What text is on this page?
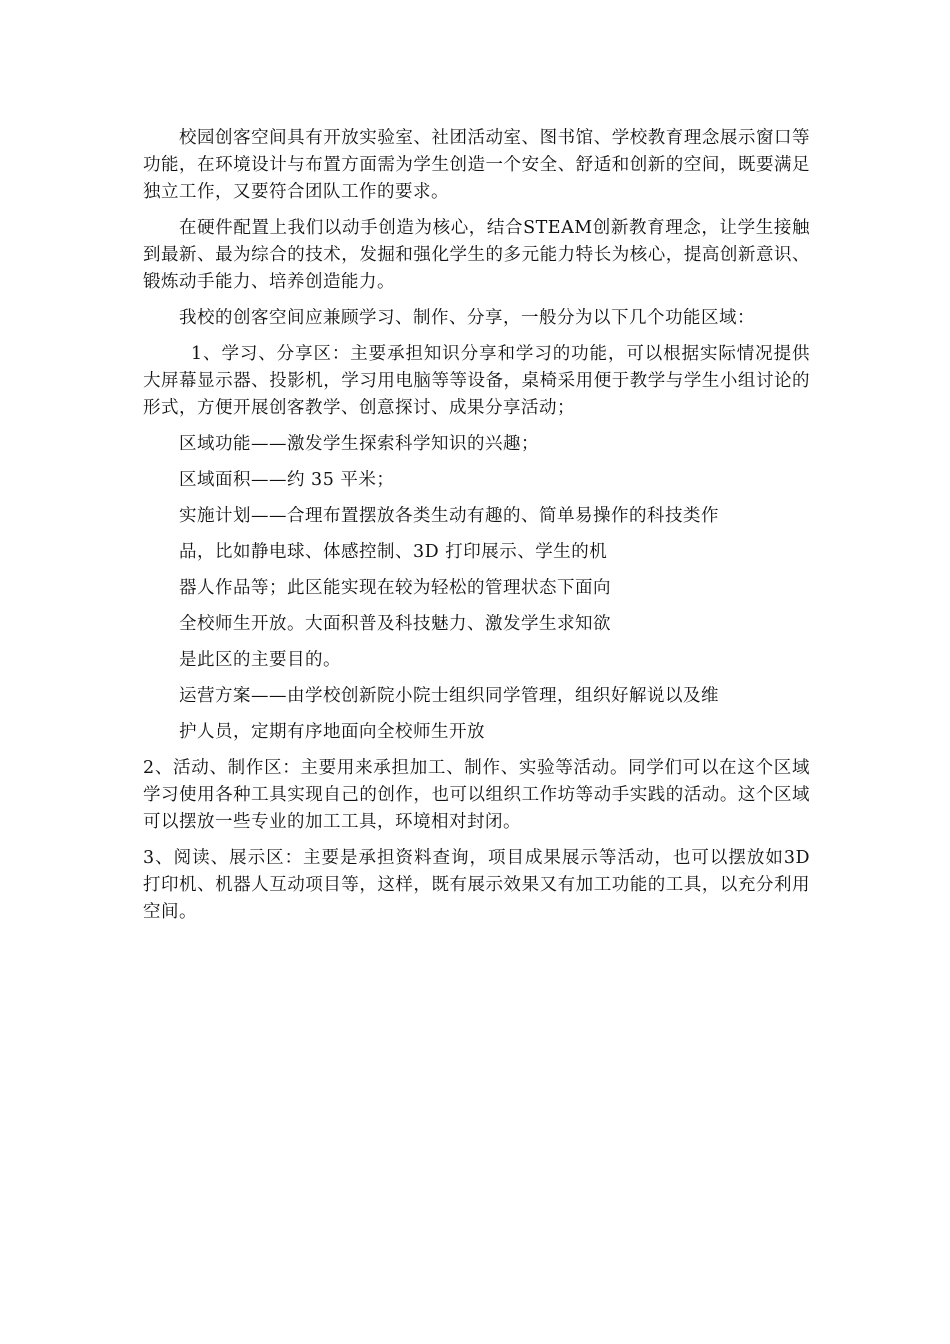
校园创客空间具有开放实验室、社团活动室、图书馆、学校教育理念展示窗口等功能，在环境设计与布置方面需为学生创造一个安全、舒适和创新的空间，既要满足独立工作，又要符合团队工作的要求。

在硬件配置上我们以动手创造为核心，结合STEAM创新教育理念，让学生接触到最新、最为综合的技术，发掘和强化学生的多元能力特长为核心，提高创新意识、锻炼动手能力、培养创造能力。

我校的创客空间应兼顾学习、制作、分享，一般分为以下几个功能区域：

1、学习、分享区：主要承担知识分享和学习的功能，可以根据实际情况提供大屏幕显示器、投影机，学习用电脑等等设备，桌椅采用便于教学与学生小组讨论的形式，方便开展创客教学、创意探讨、成果分享活动；

区域功能——激发学生探索科学知识的兴趣；
区域面积——约 35 平米；
实施计划——合理布置摆放各类生动有趣的、简单易操作的科技类作
品，比如静电球、体感控制、3D 打印展示、学生的机
器人作品等；此区能实现在较为轻松的管理状态下面向
全校师生开放。大面积普及科技魅力、激发学生求知欲
是此区的主要目的。
运营方案——由学校创新院小院士组织同学管理，组织好解说以及维
护人员，定期有序地面向全校师生开放

2、活动、制作区：主要用来承担加工、制作、实验等活动。同学们可以在这个区域学习使用各种工具实现自己的创作，也可以组织工作坊等动手实践的活动。这个区域可以摆放一些专业的加工工具，环境相对封闭。

3、阅读、展示区：主要是承担资料查询，项目成果展示等活动，也可以摆放如3D 打印机、机器人互动项目等，这样，既有展示效果又有加工功能的工具，以充分利用空间。
